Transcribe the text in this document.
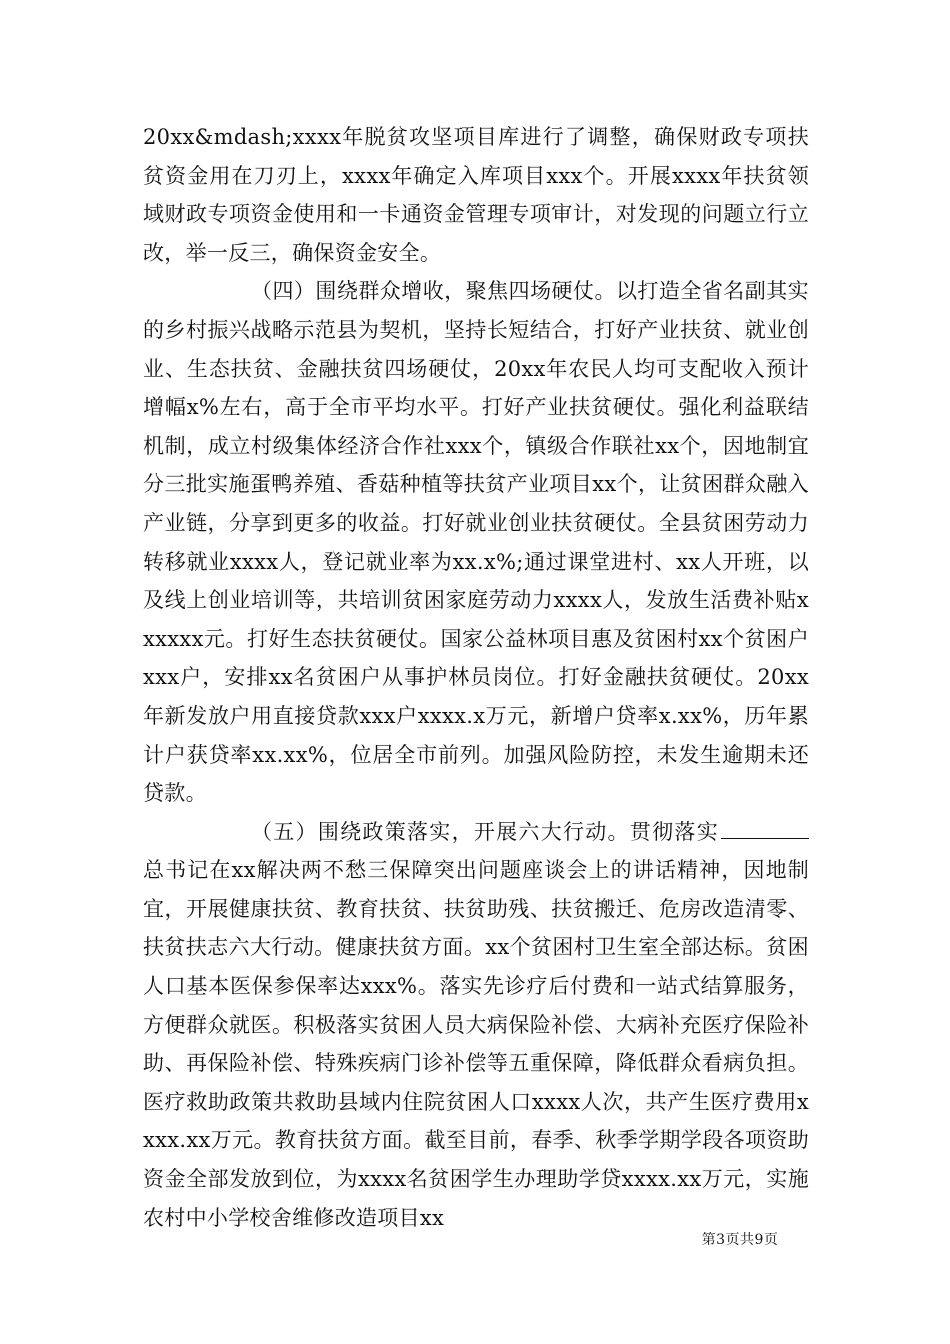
20xx&mdash;xxxx年脱贫攻坚项目库进行了调整，确保财政专项扶贫资金用在刀刃上，xxxx年确定入库项目xxx个。开展xxxx年扶贫领域财政专项资金使用和一卡通资金管理专项审计，对发现的问题立行立改，举一反三，确保资金安全。

（四）围绕群众增收，聚焦四场硬仗。以打造全省名副其实的乡村振兴战略示范县为契机，坚持长短结合，打好产业扶贫、就业创业、生态扶贫、金融扶贫四场硬仗，20xx年农民人均可支配收入预计增幅x%左右，高于全市平均水平。打好产业扶贫硬仗。强化利益联结机制，成立村级集体经济合作社xxx个，镇级合作联社xx个，因地制宜分三批实施蛋鸭养殖、香菇种植等扶贫产业项目xx个，让贫困群众融入产业链，分享到更多的收益。打好就业创业扶贫硬仗。全县贫困劳动力转移就业xxxx人，登记就业率为xx.x%;通过课堂进村、xx人开班，以及线上创业培训等，共培训贫困家庭劳动力xxxx人，发放生活费补贴xxxxxx元。打好生态扶贫硬仗。国家公益林项目惠及贫困村xx个贫困户xxx户，安排xx名贫困户从事护林员岗位。打好金融扶贫硬仗。20xx年新发放户用直接贷款xxx户xxxx.x万元，新增户贷率x.xx%，历年累计户获贷率xx.xx%，位居全市前列。加强风险防控，未发生逾期未还贷款。

（五）围绕政策落实，开展六大行动。贯彻落实总书记在xx解决两不愁三保障突出问题座谈会上的讲话精神，因地制宜，开展健康扶贫、教育扶贫、扶贫助残、扶贫搬迁、危房改造清零、扶贫扶志六大行动。健康扶贫方面。xx个贫困村卫生室全部达标。贫困人口基本医保参保率达xxx%。落实先诊疗后付费和一站式结算服务，方便群众就医。积极落实贫困人员大病保险补偿、大病补充医疗保险补助、再保险补偿、特殊疾病门诊补偿等五重保障，降低群众看病负担。医疗救助政策共救助县域内住院贫困人口xxxx人次，共产生医疗费用xxxx.xx万元。教育扶贫方面。截至目前，春季、秋季学期学段各项资助资金全部发放到位，为xxxx名贫困学生办理助学贷xxxx.xx万元，实施农村中小学校舍维修改造项目xx

第3页共9页
